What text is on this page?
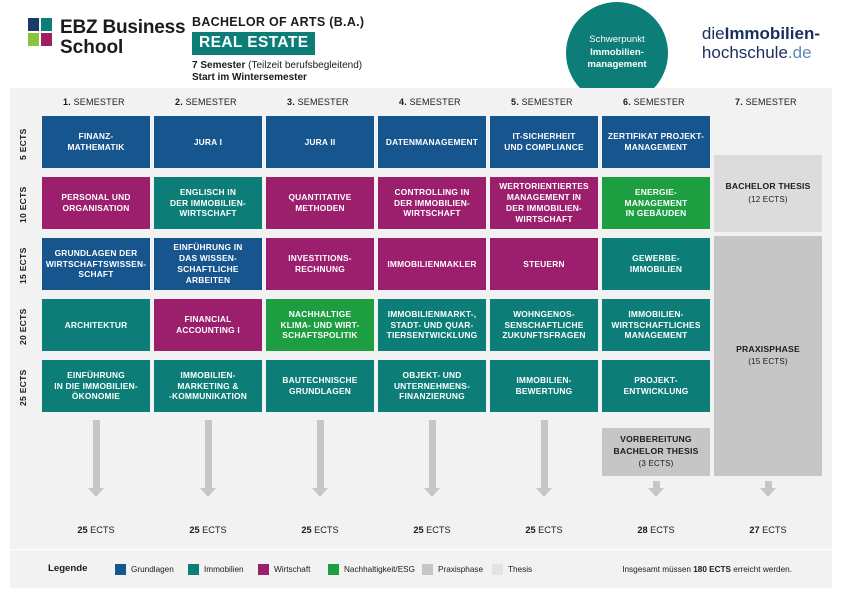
EBZ Business
School
BACHELOR OF ARTS (B.A.)
REAL ESTATE
7 Semester (Teilzeit berufsbegleitend)
Start im Wintersemester
Schwerpunkt
Immobilien-
management
dieImmobilien-
hochschule.de
1. SEMESTER	2. SEMESTER	3. SEMESTER	4. SEMESTER	5. SEMESTER	6. SEMESTER	7. SEMESTER
5 ECTS
10 ECTS
15 ECTS
20 ECTS
25 ECTS
FINANZ-
MATHEMATIK
PERSONAL UND
ORGANISATION
GRUNDLAGEN DER
WIRTSCHAFTSWISSEN-
SCHAFT
ARCHITEKTUR
EINFÜHRUNG
IN DIE IMMOBILIEN-
ÖKONOMIE
JURA I
ENGLISCH IN
DER IMMOBILIEN-
WIRTSCHAFT
EINFÜHRUNG IN
DAS WISSEN-
SCHAFTLICHE
ARBEITEN
FINANCIAL
ACCOUNTING I
IMMOBILIEN-
MARKETING &
-KOMMUNIKATION
JURA II
QUANTITATIVE
METHODEN
INVESTITIONS-
RECHNUNG
NACHHALTIGE
KLIMA- UND WIRT-
SCHAFTSPOLITIK
BAUTECHNISCHE
GRUNDLAGEN
DATENMANAGEMENT
CONTROLLING IN
DER IMMOBILIEN-
WIRTSCHAFT
IMMOBILIENMAKLER
IMMOBILIENMARKT-,
STADT- UND QUAR-
TIERSENTWICKLUNG
OBJEKT- UND
UNTERNEHMENS-
FINANZIERUNG
IT-SICHERHEIT
UND COMPLIANCE
WERTORIENTIERTES
MANAGEMENT IN
DER IMMOBILIEN-
WIRTSCHAFT
STEUERN
WOHNGENOS-
SENSCHAFTLICHE
ZUKUNFTSFRAGEN
IMMOBILIEN-
BEWERTUNG
ZERTIFIKAT PROJEKT-
MANAGEMENT
ENERGIE-
MANAGEMENT
IN GEBÄUDEN
GEWERBE-
IMMOBILIEN
IMMOBILIEN-
WIRTSCHAFTLICHES
MANAGEMENT
PROJEKT-
ENTWICKLUNG
VORBEREITUNG
BACHELOR THESIS
(3 ECTS)
BACHELOR THESIS
(12 ECTS)
PRAXISPHASE
(15 ECTS)
25 ECTS	25 ECTS	25 ECTS	25 ECTS	25 ECTS	28 ECTS	27 ECTS
Legende	Grundlagen	Immobilien	Wirtschaft	Nachhaltigkeit/ESG	Praxisphase	Thesis	Insgesamt müssen 180 ECTS erreicht werden.
